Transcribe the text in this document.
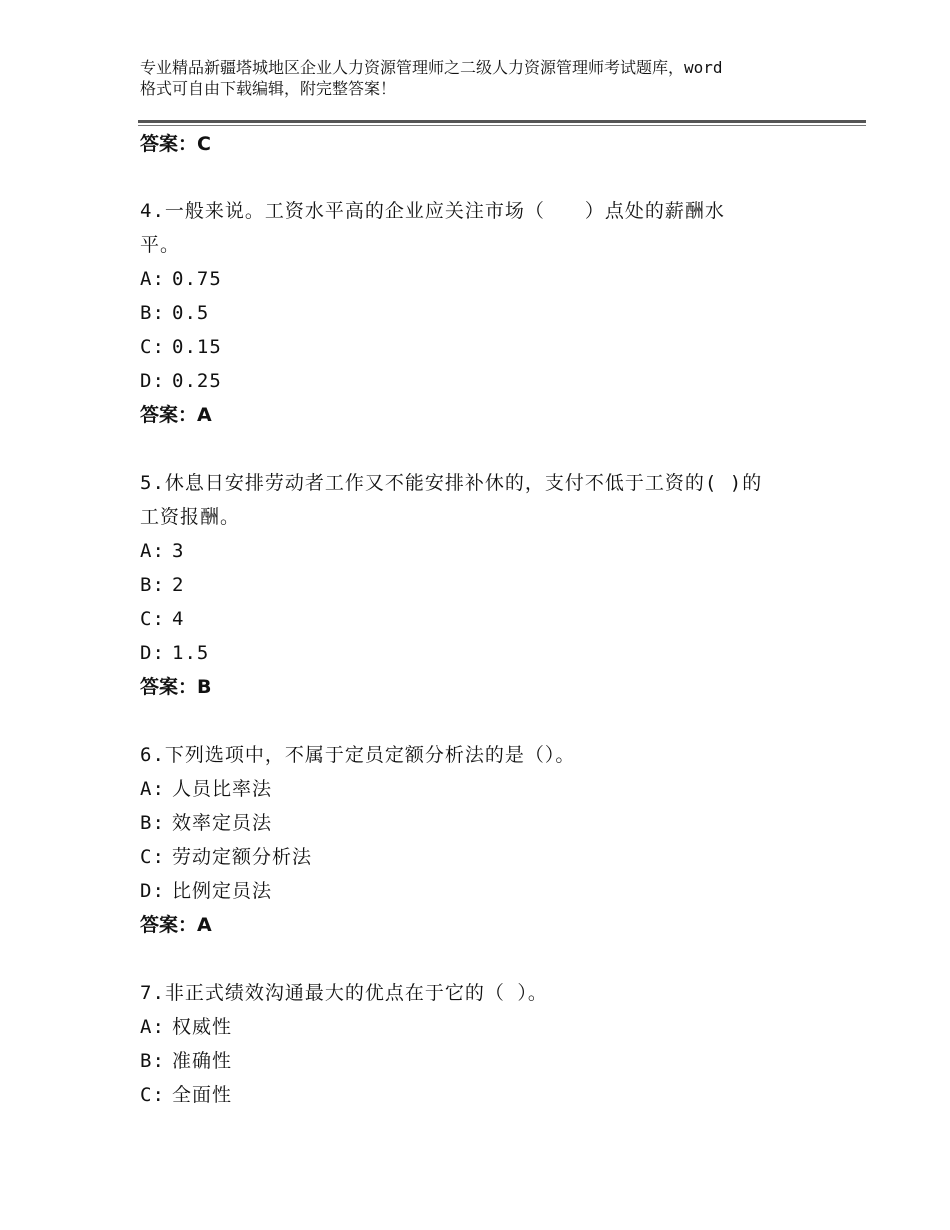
专业精品新疆塔城地区企业人力资源管理师之二级人力资源管理师考试题库，word
格式可自由下载编辑，附完整答案！
答案：C
4.一般来说。工资水平高的企业应关注市场（　　）点处的薪酬水
平。
A: 0.75
B: 0.5
C: 0.15
D: 0.25
答案：A
5.休息日安排劳动者工作又不能安排补休的，支付不低于工资的( )的
工资报酬。
A: 3
B: 2
C: 4
D: 1.5
答案：B
6.下列选项中，不属于定员定额分析法的是（）。
A: 人员比率法
B: 效率定员法
C: 劳动定额分析法
D: 比例定员法
答案：A
7.非正式绩效沟通最大的优点在于它的（ ）。
A: 权威性
B: 准确性
C: 全面性
